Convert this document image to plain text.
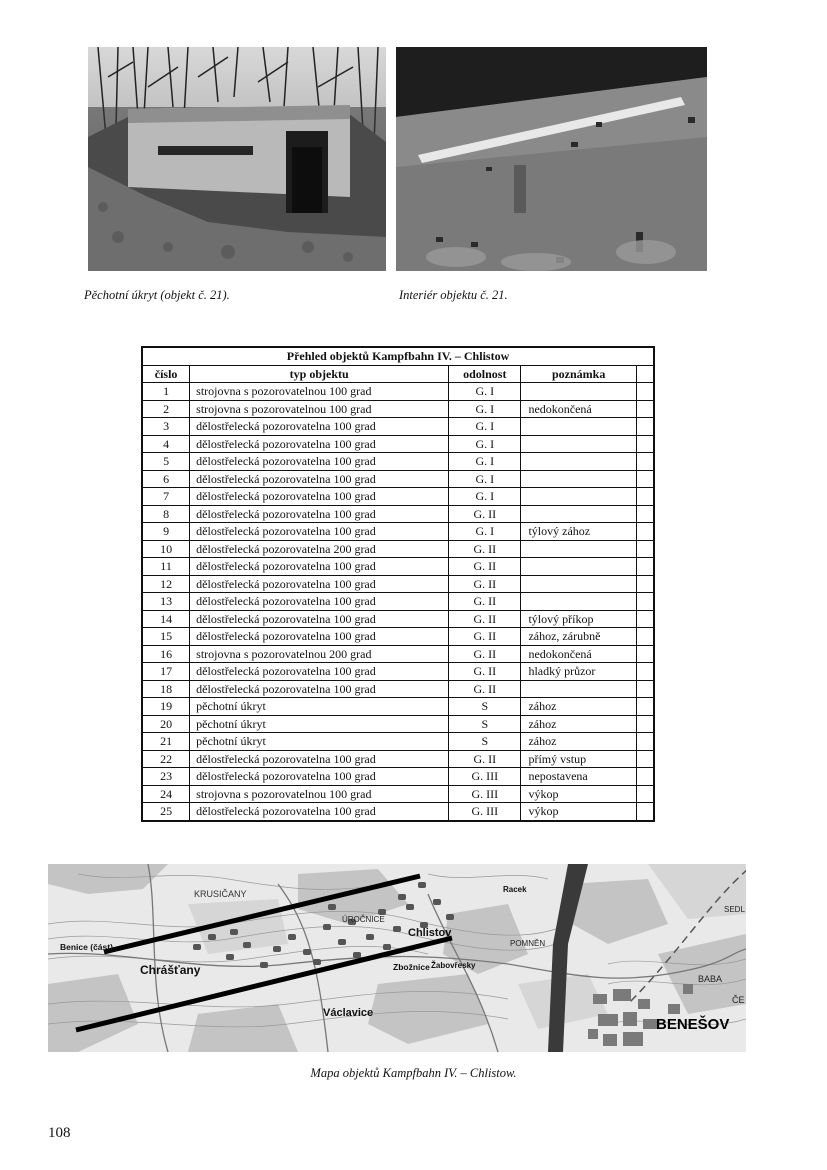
Pěchotní úkryt (objekt č. 21).	Interiér objektu č. 21.
Přehled objektů Kampfbahn IV. – Chlistow				
číslo	typ objektu	odolnost	poznámka	
1	strojovna s pozorovatelnou 100 grad	G. I		
2	strojovna s pozorovatelnou 100 grad	G. I	nedokončená	
3	dělostřelecká pozorovatelna 100 grad	G. I		
4	dělostřelecká pozorovatelna 100 grad	G. I		
5	dělostřelecká pozorovatelna 100 grad	G. I		
6	dělostřelecká pozorovatelna 100 grad	G. I		
7	dělostřelecká pozorovatelna 100 grad	G. I		
8	dělostřelecká pozorovatelna 100 grad	G. II		
9	dělostřelecká pozorovatelna 100 grad	G. I	týlový zához	
10	dělostřelecká pozorovatelna 200 grad	G. II		
11	dělostřelecká pozorovatelna 100 grad	G. II		
12	dělostřelecká pozorovatelna 100 grad	G. II		
13	dělostřelecká pozorovatelna 100 grad	G. II		
14	dělostřelecká pozorovatelna 100 grad	G. II	týlový příkop	
15	dělostřelecká pozorovatelna 100 grad	G. II	zához, zárubně	
16	strojovna s pozorovatelnou 200 grad	G. II	nedokončená	
17	dělostřelecká pozorovatelna 100 grad	G. II	hladký průzor	
18	dělostřelecká pozorovatelna 100 grad	G. II		
19	pěchotní úkryt	S	zához	
20	pěchotní úkryt	S	zához	
21	pěchotní úkryt	S	zához	
22	dělostřelecká pozorovatelna 100 grad	G. II	přímý vstup	
23	dělostřelecká pozorovatelna 100 grad	G. III	nepostavena	
24	strojovna s pozorovatelnou 100 grad	G. III	výkop	
25	dělostřelecká pozorovatelna 100 grad	G. III	výkop	
KRUSIČANY
Benice (část)
Chrášťany
ÚROČNICE
Chlistov
Zbožnice Žabovřesky
Václavice
Racek
POMNĚN
SEDL
BABA
ČE
BENEŠOV
Mapa objektů Kampfbahn IV. – Chlistow.
108
